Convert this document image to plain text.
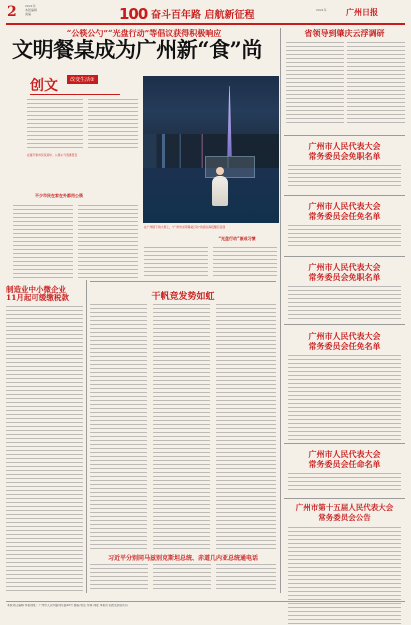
2	2021年
本版编辑
美编	100 奋斗百年路 启航新征程	2021年 广州日报
“公筷公勺”“光盘行动”等倡议获得积极响应
文明餐桌成为广州新“食”尚
创文 改变生活②
在餐厅和市民家庭中，公筷公勺逐渐普及
不少市民在家在外都用公筷
在广州塔下的大屏上，“广州市文明餐桌行动”的倡议海报醒目呈现
“光盘行动”渐成习惯
省领导到肇庆云浮调研
广州市人民代表大会
常务委员会免职名单
广州市人民代表大会
常务委员会任免名单
广州市人民代表大会
常务委员会免职名单
广州市人民代表大会
常务委员会任免名单
广州市人民代表大会
常务委员会任命名单
广州市第十五届人民代表大会
常务委员会公告
制造业中小微企业
11月起可缓缴税款	干帆竞发势如虹
习近平分别同马兹别克斯坦总统、赤道几内亚总统通电话
本版责任编辑 本报地址：广州市人民中路同乐路10号 邮编 电话 传真 网址 本报所有图文版权所有
